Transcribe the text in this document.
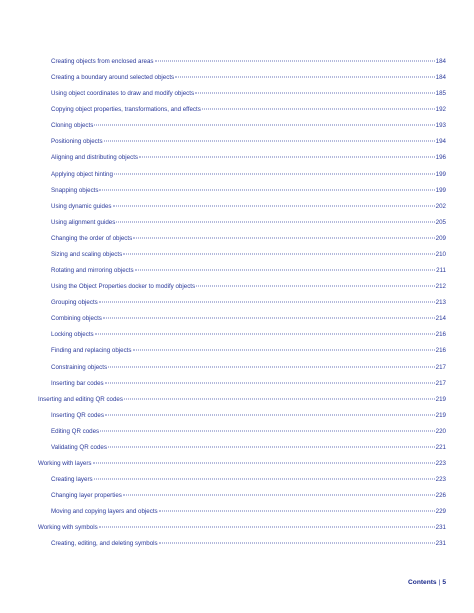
Creating objects from enclosed areas	184
Creating a boundary around selected objects	184
Using object coordinates to draw and modify objects	185
Copying object properties, transformations, and effects	192
Cloning objects	193
Positioning objects	194
Aligning and distributing objects	196
Applying object hinting	199
Snapping objects	199
Using dynamic guides	202
Using alignment guides	205
Changing the order of objects	209
Sizing and scaling objects	210
Rotating and mirroring objects	211
Using the Object Properties docker to modify objects	212
Grouping objects	213
Combining objects	214
Locking objects	216
Finding and replacing objects	216
Constraining objects	217
Inserting bar codes	217
Inserting and editing QR codes	219
Inserting QR codes	219
Editing QR codes	220
Validating QR codes	221
Working with layers	223
Creating layers	223
Changing layer properties	226
Moving and copying layers and objects	229
Working with symbols	231
Creating, editing, and deleting symbols	231
Contents | 5
